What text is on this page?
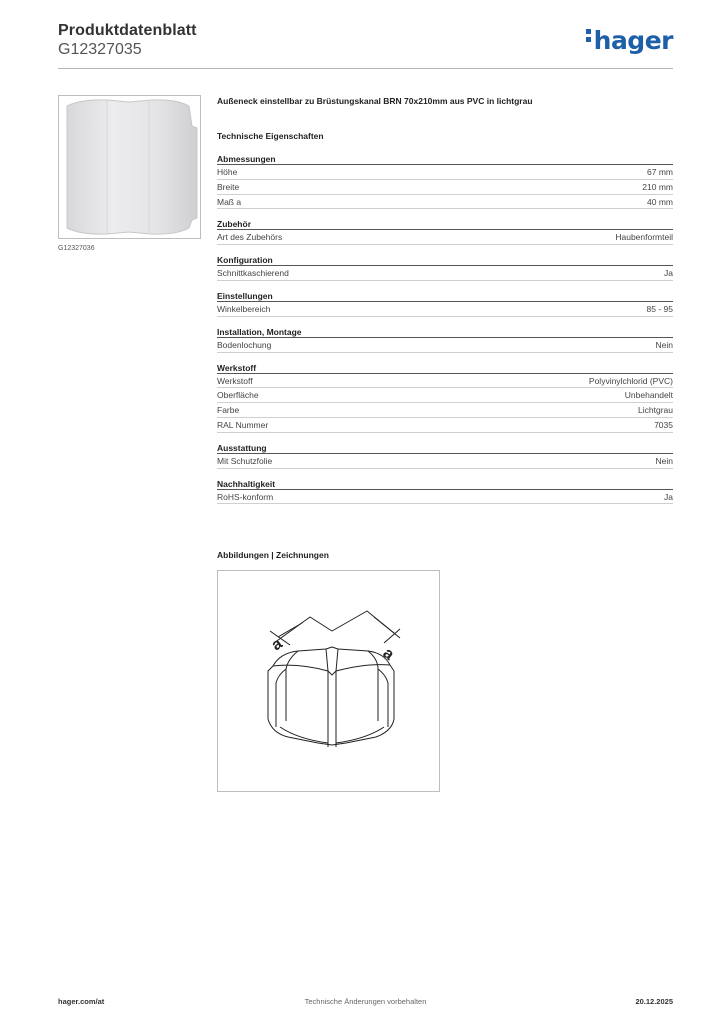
Produktdatenblatt
G12327035	hager
G12327036
Außeneck einstellbar zu Brüstungskanal BRN 70x210mm aus PVC in lichtgrau
Technische Eigenschaften
Abmessungen
Höhe	67 mm
Breite	210 mm
Maß a	40 mm
Zubehör
Art des Zubehörs	Haubenformteil
Konfiguration
Schnittkaschierend	Ja
Einstellungen
Winkelbereich	85 - 95
Installation, Montage
Bodenlochung	Nein
Werkstoff
Werkstoff	Polyvinylchlorid (PVC)
Oberfläche	Unbehandelt
Farbe	Lichtgrau
RAL Nummer	7035
Ausstattung
Mit Schutzfolie	Nein
Nachhaltigkeit
RoHS-konform	Ja
Abbildungen | Zeichnungen
a	a
Technische Änderungen vorbehalten
hager.com/at	20.12.2025
